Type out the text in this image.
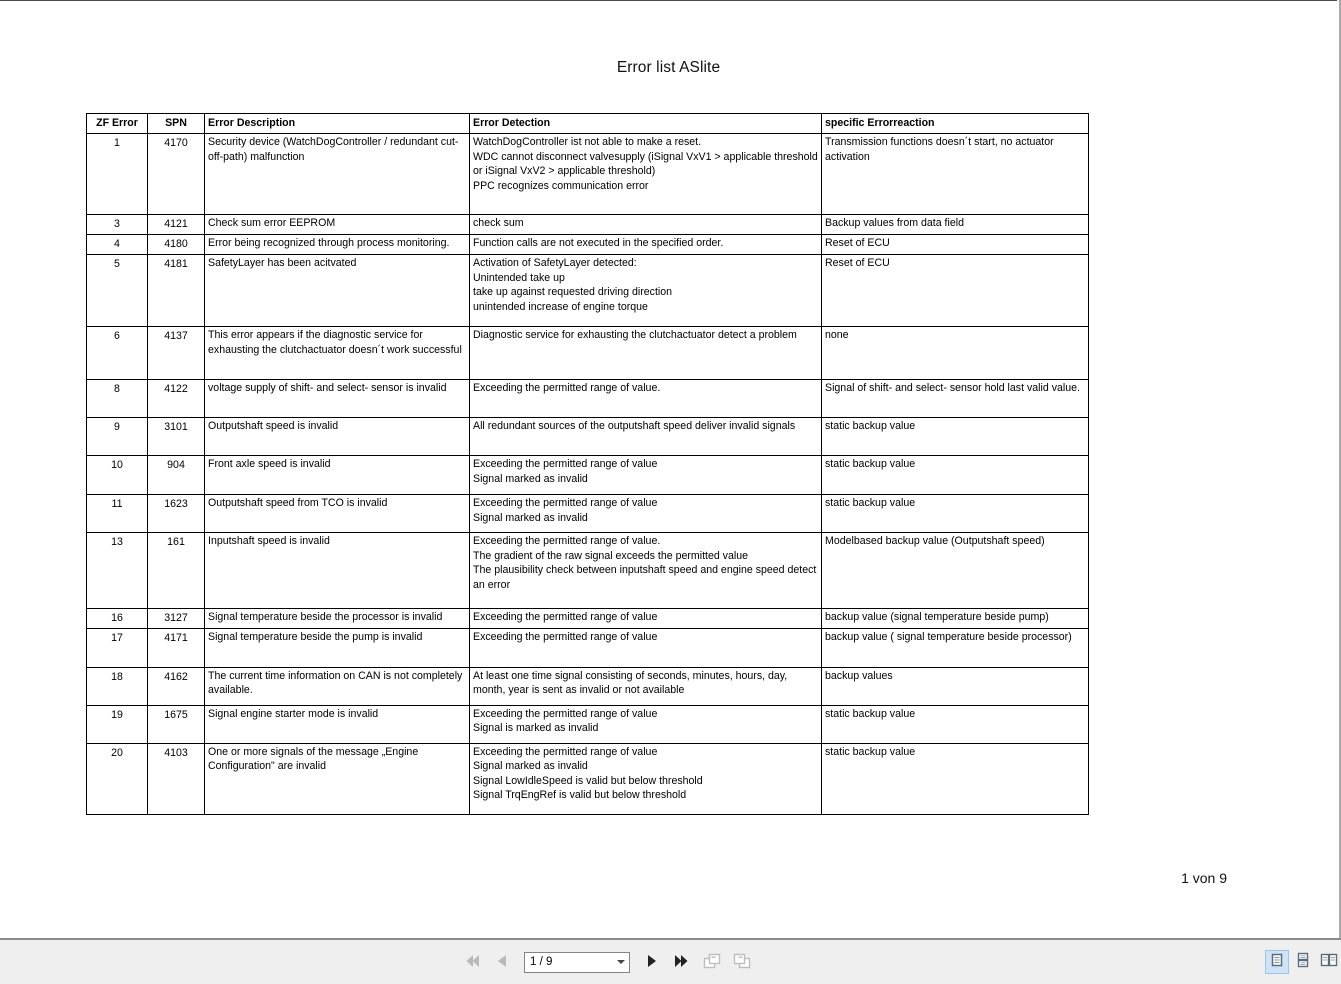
Error list ASlite
ZF Error	SPN	Error Description	Error Detection	specific Errorreaction
1	4170	Security device (WatchDogController / redundant cut-off-path) malfunction	WatchDogController ist not able to make a reset.

WDC cannot disconnect valvesupply (iSignal VxV1 > applicable threshold or iSignal VxV2 > applicable threshold)

PPC recognizes communication error	Transmission functions doesn´t start, no actuator activation
3	4121	Check sum error EEPROM	check sum	Backup values from data field
4	4180	Error being recognized through process monitoring.	Function calls are not executed in the specified order.	Reset of ECU
5	4181	SafetyLayer has been acitvated	Activation of SafetyLayer detected:

Unintended take up

take up against requested driving direction

unintended increase of engine torque	Reset of ECU
6	4137	This error appears if the diagnostic service for exhausting the clutchactuator doesn´t work successful	Diagnostic service for exhausting the clutchactuator detect a problem	none
8	4122	voltage supply of shift- and select- sensor is invalid	Exceeding the permitted range of value.	Signal of shift- and select- sensor hold last valid value.
9	3101	Outputshaft speed is invalid	All redundant sources of the outputshaft speed deliver invalid signals	static backup value
10	904	Front axle speed is invalid	Exceeding the permitted range of value

Signal marked as invalid	static backup value
11	1623	Outputshaft speed from TCO is invalid	Exceeding the permitted range of value

Signal marked as invalid	static backup value
13	161	Inputshaft speed is invalid	Exceeding the permitted range of value.

The gradient of the raw signal exceeds the permitted value

The plausibility check between inputshaft speed and engine speed detect an error	Modelbased backup value (Outputshaft speed)
16	3127	Signal temperature beside the processor is invalid	Exceeding the permitted range of value	backup value (signal temperature beside pump)
17	4171	Signal temperature beside the pump is invalid	Exceeding the permitted range of value	backup value ( signal temperature beside processor)
18	4162	The current time information on CAN is not completely available.	At least one time signal consisting of seconds, minutes, hours, day, month, year is sent as invalid or not available	backup values
19	1675	Signal engine starter mode is invalid	Exceeding the permitted range of value

Signal is marked as invalid	static backup value
20	4103	One or more signals of the message „Engine Configuration" are invalid	Exceeding the permitted range of value

Signal marked as invalid

Signal LowIdleSpeed is valid but below threshold

Signal TrqEngRef is valid but below threshold	static backup value
1 von 9
1 / 9
